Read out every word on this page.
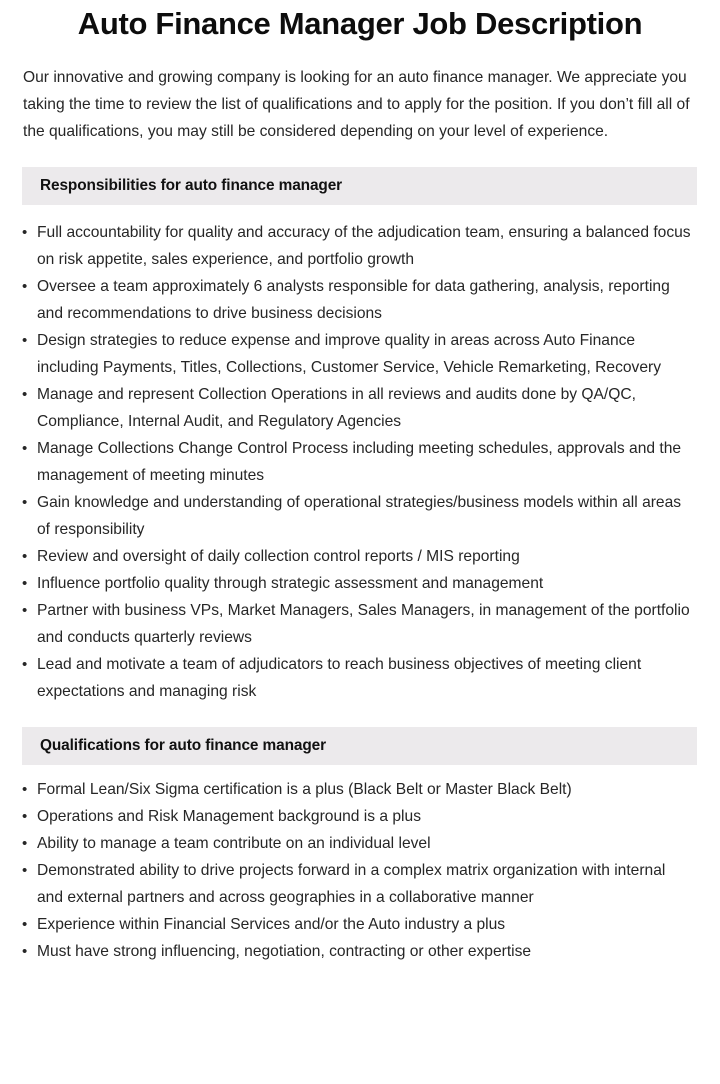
Auto Finance Manager Job Description

Our innovative and growing company is looking for an auto finance manager. We appreciate you taking the time to review the list of qualifications and to apply for the position. If you don’t fill all of the qualifications, you may still be considered depending on your level of experience.

Responsibilities for auto finance manager
• Full accountability for quality and accuracy of the adjudication team, ensuring a balanced focus on risk appetite, sales experience, and portfolio growth
• Oversee a team approximately 6 analysts responsible for data gathering, analysis, reporting and recommendations to drive business decisions
• Design strategies to reduce expense and improve quality in areas across Auto Finance including Payments, Titles, Collections, Customer Service, Vehicle Remarketing, Recovery
• Manage and represent Collection Operations in all reviews and audits done by QA/QC, Compliance, Internal Audit, and Regulatory Agencies
• Manage Collections Change Control Process including meeting schedules, approvals and the management of meeting minutes
• Gain knowledge and understanding of operational strategies/business models within all areas of responsibility
• Review and oversight of daily collection control reports / MIS reporting
• Influence portfolio quality through strategic assessment and management
• Partner with business VPs, Market Managers, Sales Managers, in management of the portfolio and conducts quarterly reviews
• Lead and motivate a team of adjudicators to reach business objectives of meeting client expectations and managing risk
Qualifications for auto finance manager
• Formal Lean/Six Sigma certification is a plus (Black Belt or Master Black Belt)
• Operations and Risk Management background is a plus
• Ability to manage a team contribute on an individual level
• Demonstrated ability to drive projects forward in a complex matrix organization with internal and external partners and across geographies in a collaborative manner
• Experience within Financial Services and/or the Auto industry a plus
• Must have strong influencing, negotiation, contracting or other expertise
